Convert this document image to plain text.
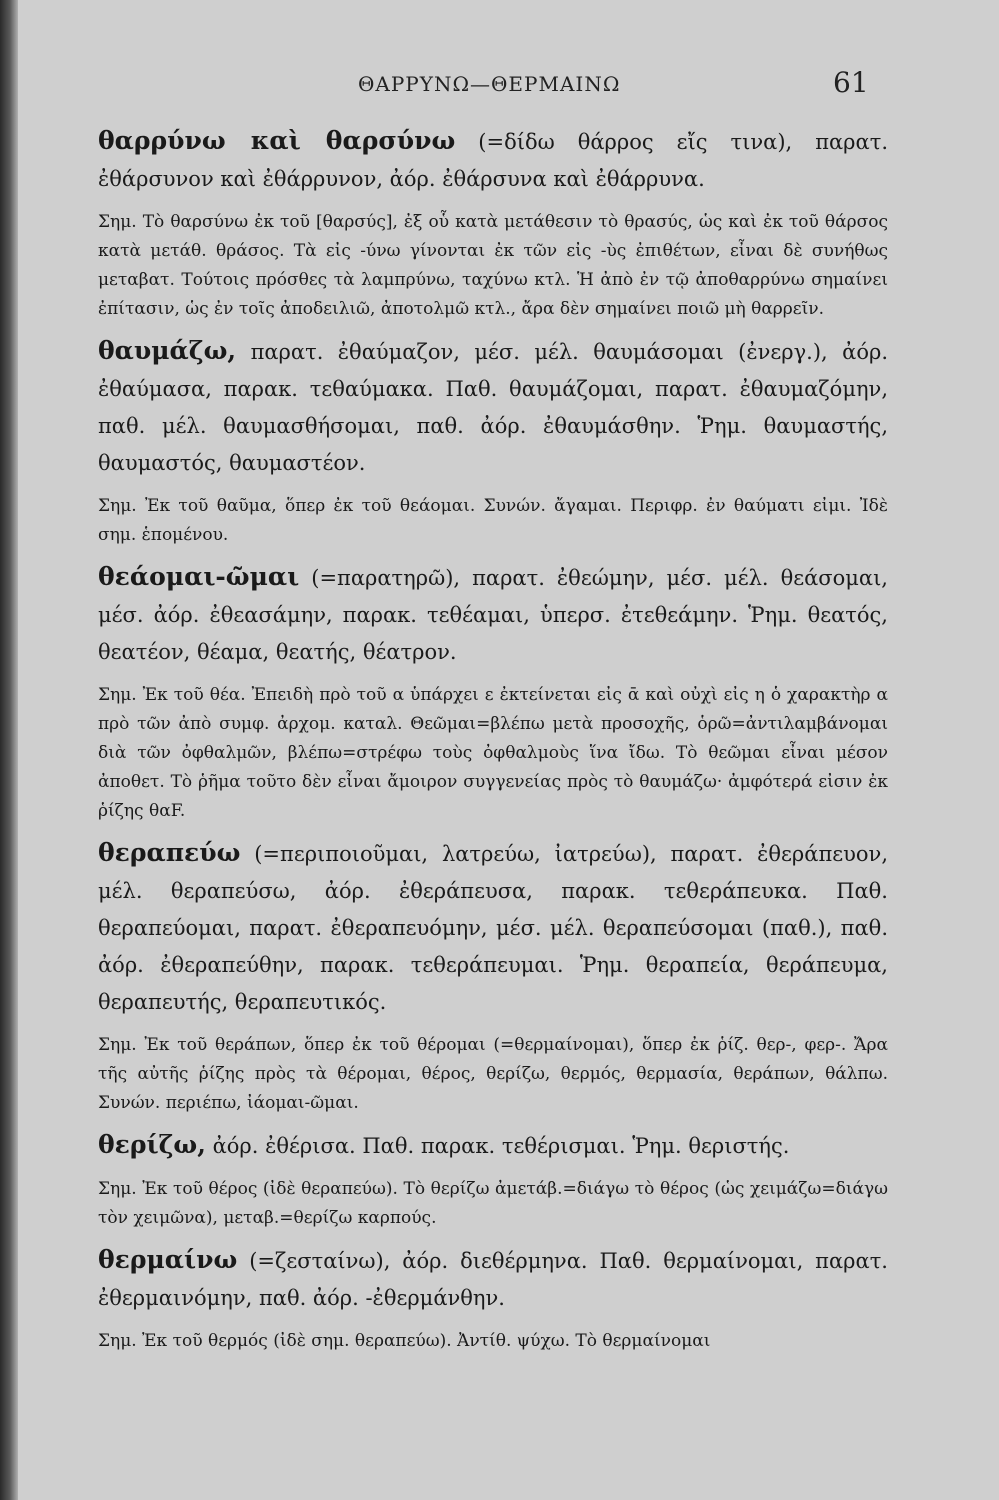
ΘΑΡΡΥΝΩ—ΘΕΡΜΑΙΝΩ	61

θαρρύνω καὶ θαρσύνω (=δίδω θάρρος εἴς τινα), παρατ. ἐθάρσυνον καὶ ἐθάρρυνον, ἀόρ. ἐθάρσυνα καὶ ἐθάρρυνα.

Σημ. Τὸ θαρσύνω ἐκ τοῦ [θαρσύς], ἐξ οὗ κατὰ μετάθεσιν τὸ θρασύς, ὡς καὶ ἐκ τοῦ θάρσος κατὰ μετάθ. θράσος. Τὰ εἰς -ύνω γίνονται ἐκ τῶν εἰς -ὺς ἐπιθέτων, εἶναι δὲ συνήθως μεταβατ. Τούτοις πρόσθες τὰ λαμπρύνω, ταχύνω κτλ. Ἡ ἀπὸ ἐν τῷ ἀποθαρρύνω σημαίνει ἐπίτασιν, ὡς ἐν τοῖς ἀποδειλιῶ, ἀποτολμῶ κτλ., ἄρα δὲν σημαίνει ποιῶ μὴ θαρρεῖν.

θαυμάζω, παρατ. ἐθαύμαζον, μέσ. μέλ. θαυμάσομαι (ἐνεργ.), ἀόρ. ἐθαύμασα, παρακ. τεθαύμακα. Παθ. θαυμάζομαι, παρατ. ἐθαυμαζόμην, παθ. μέλ. θαυμασθήσομαι, παθ. ἀόρ. ἐθαυμάσθην. Ῥημ. θαυμαστής, θαυμαστός, θαυμαστέον.

Σημ. Ἐκ τοῦ θαῦμα, ὅπερ ἐκ τοῦ θεάομαι. Συνών. ἄγαμαι. Περιφρ. ἐν θαύματι εἰμι. Ἰδὲ σημ. ἑπομένου.

θεάομαι-ῶμαι (=παρατηρῶ), παρατ. ἐθεώμην, μέσ. μέλ. θεάσομαι, μέσ. ἀόρ. ἐθεασάμην, παρακ. τεθέαμαι, ὑπερσ. ἐτεθεάμην. Ῥημ. θεατός, θεατέον, θέαμα, θεατής, θέατρον.

Σημ. Ἐκ τοῦ θέα. Ἐπειδὴ πρὸ τοῦ α ὑπάρχει ε ἐκτείνεται εἰς ᾱ καὶ οὐχὶ εἰς η ὁ χαρακτὴρ α πρὸ τῶν ἀπὸ συμφ. ἀρχομ. καταλ. Θεῶμαι=βλέπω μετὰ προσοχῆς, ὁρῶ=ἀντιλαμβάνομαι διὰ τῶν ὀφθαλμῶν, βλέπω=στρέφω τοὺς ὀφθαλμοὺς ἵνα ἴδω. Τὸ θεῶμαι εἶναι μέσον ἀποθετ. Τὸ ῥῆμα τοῦτο δὲν εἶναι ἄμοιρον συγγενείας πρὸς τὸ θαυμάζω· ἀμφότερά εἰσιν ἐκ ῥίζης θαF.

θεραπεύω (=περιποιοῦμαι, λατρεύω, ἰατρεύω), παρατ. ἐθεράπευον, μέλ. θεραπεύσω, ἀόρ. ἐθεράπευσα, παρακ. τεθεράπευκα. Παθ. θεραπεύομαι, παρατ. ἐθεραπευόμην, μέσ. μέλ. θεραπεύσομαι (παθ.), παθ. ἀόρ. ἐθεραπεύθην, παρακ. τεθεράπευμαι. Ῥημ. θεραπεία, θεράπευμα, θεραπευτής, θεραπευτικός.

Σημ. Ἐκ τοῦ θεράπων, ὅπερ ἐκ τοῦ θέρομαι (=θερμαίνομαι), ὅπερ ἐκ ῥίζ. θερ-, φερ-. Ἄρα τῆς αὐτῆς ῥίζης πρὸς τὰ θέρομαι, θέρος, θερίζω, θερμός, θερμασία, θεράπων, θάλπω. Συνών. περιέπω, ἰάομαι-ῶμαι.

θερίζω, ἀόρ. ἐθέρισα. Παθ. παρακ. τεθέρισμαι. Ῥημ. θεριστής.

Σημ. Ἐκ τοῦ θέρος (ἰδὲ θεραπεύω). Τὸ θερίζω ἀμετάβ.=διάγω τὸ θέρος (ὡς χειμάζω=διάγω τὸν χειμῶνα), μεταβ.=θερίζω καρπούς.

θερμαίνω (=ζεσταίνω), ἀόρ. διεθέρμηνα. Παθ. θερμαίνομαι, παρατ. ἐθερμαινόμην, παθ. ἀόρ. -ἐθερμάνθην.

Σημ. Ἐκ τοῦ θερμός (ἰδὲ σημ. θεραπεύω). Ἀντίθ. ψύχω. Τὸ θερμαίνομαι
